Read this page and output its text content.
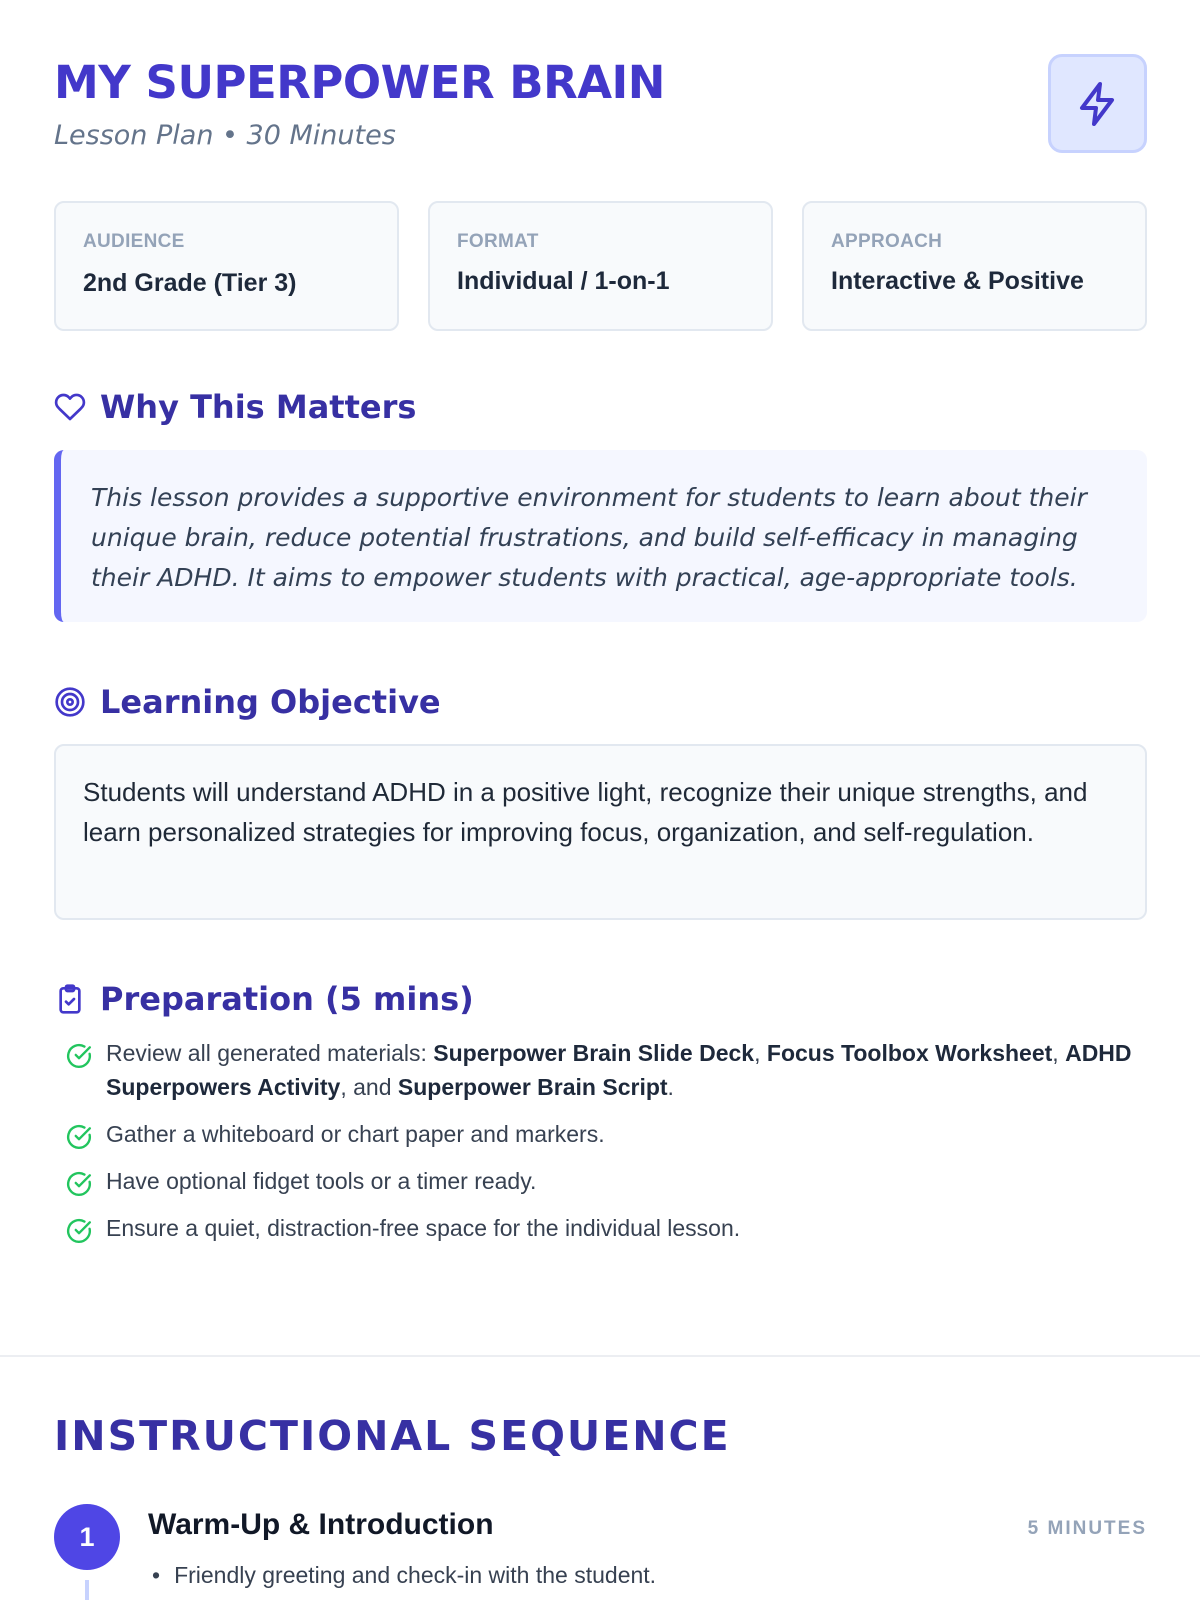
MY SUPERPOWER BRAIN
Lesson Plan • 30 Minutes
AUDIENCE
2nd Grade (Tier 3)
FORMAT
Individual / 1-on-1
APPROACH
Interactive & Positive
Why This Matters
This lesson provides a supportive environment for students to learn about their unique brain, reduce potential frustrations, and build self-efficacy in managing their ADHD. It aims to empower students with practical, age-appropriate tools.
Learning Objective
Students will understand ADHD in a positive light, recognize their unique strengths, and learn personalized strategies for improving focus, organization, and self-regulation.
Preparation (5 mins)
Review all generated materials: Superpower Brain Slide Deck, Focus Toolbox Worksheet, ADHD Superpowers Activity, and Superpower Brain Script.
Gather a whiteboard or chart paper and markers.
Have optional fidget tools or a timer ready.
Ensure a quiet, distraction-free space for the individual lesson.
INSTRUCTIONAL SEQUENCE
1	Warm-Up & Introduction	5 MINUTES
• Friendly greeting and check-in with the student.
